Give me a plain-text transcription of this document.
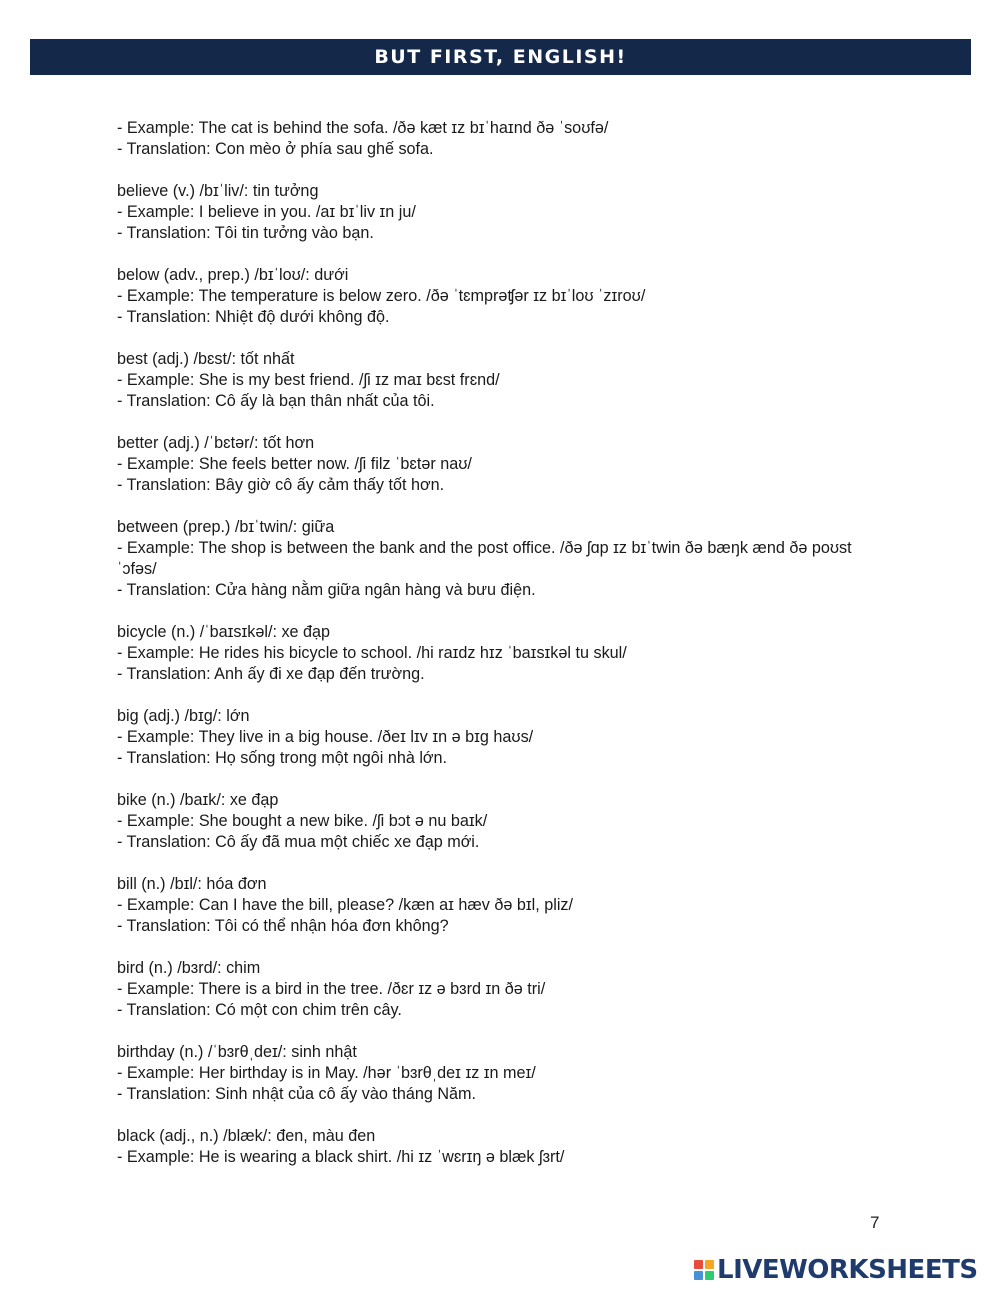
BUT FIRST, ENGLISH!
- Example: The cat is behind the sofa. /ðə kæt ɪz bɪˈhaɪnd ðə ˈsoʊfə/
- Translation: Con mèo ở phía sau ghế sofa.
believe (v.) /bɪˈliv/: tin tưởng
- Example: I believe in you. /aɪ bɪˈliv ɪn ju/
- Translation: Tôi tin tưởng vào bạn.
below (adv., prep.) /bɪˈloʊ/: dưới
- Example: The temperature is below zero. /ðə ˈtɛmprəʧər ɪz bɪˈloʊ ˈzɪroʊ/
- Translation: Nhiệt độ dưới không độ.
best (adj.) /bɛst/: tốt nhất
- Example: She is my best friend. /ʃi ɪz maɪ bɛst frɛnd/
- Translation: Cô ấy là bạn thân nhất của tôi.
better (adj.) /ˈbɛtər/: tốt hơn
- Example: She feels better now. /ʃi filz ˈbɛtər naʊ/
- Translation: Bây giờ cô ấy cảm thấy tốt hơn.
between (prep.) /bɪˈtwin/: giữa
- Example: The shop is between the bank and the post office. /ðə ʃɑp ɪz bɪˈtwin ðə bæŋk ænd ðə poʊst ˈɔfəs/
- Translation: Cửa hàng nằm giữa ngân hàng và bưu điện.
bicycle (n.) /ˈbaɪsɪkəl/: xe đạp
- Example: He rides his bicycle to school. /hi raɪdz hɪz ˈbaɪsɪkəl tu skul/
- Translation: Anh ấy đi xe đạp đến trường.
big (adj.) /bɪg/: lớn
- Example: They live in a big house. /ðeɪ lɪv ɪn ə bɪg haʊs/
- Translation: Họ sống trong một ngôi nhà lớn.
bike (n.) /baɪk/: xe đạp
- Example: She bought a new bike. /ʃi bɔt ə nu baɪk/
- Translation: Cô ấy đã mua một chiếc xe đạp mới.
bill (n.) /bɪl/: hóa đơn
- Example: Can I have the bill, please? /kæn aɪ hæv ðə bɪl, pliz/
- Translation: Tôi có thể nhận hóa đơn không?
bird (n.) /bɜrd/: chim
- Example: There is a bird in the tree. /ðɛr ɪz ə bɜrd ɪn ðə tri/
- Translation: Có một con chim trên cây.
birthday (n.) /ˈbɜrθˌdeɪ/: sinh nhật
- Example: Her birthday is in May. /hər ˈbɜrθˌdeɪ ɪz ɪn meɪ/
- Translation: Sinh nhật của cô ấy vào tháng Năm.
black (adj., n.) /blæk/: đen, màu đen
- Example: He is wearing a black shirt. /hi ɪz ˈwɛrɪŋ ə blæk ʃɜrt/
7
LIVEWORKSHEETS
